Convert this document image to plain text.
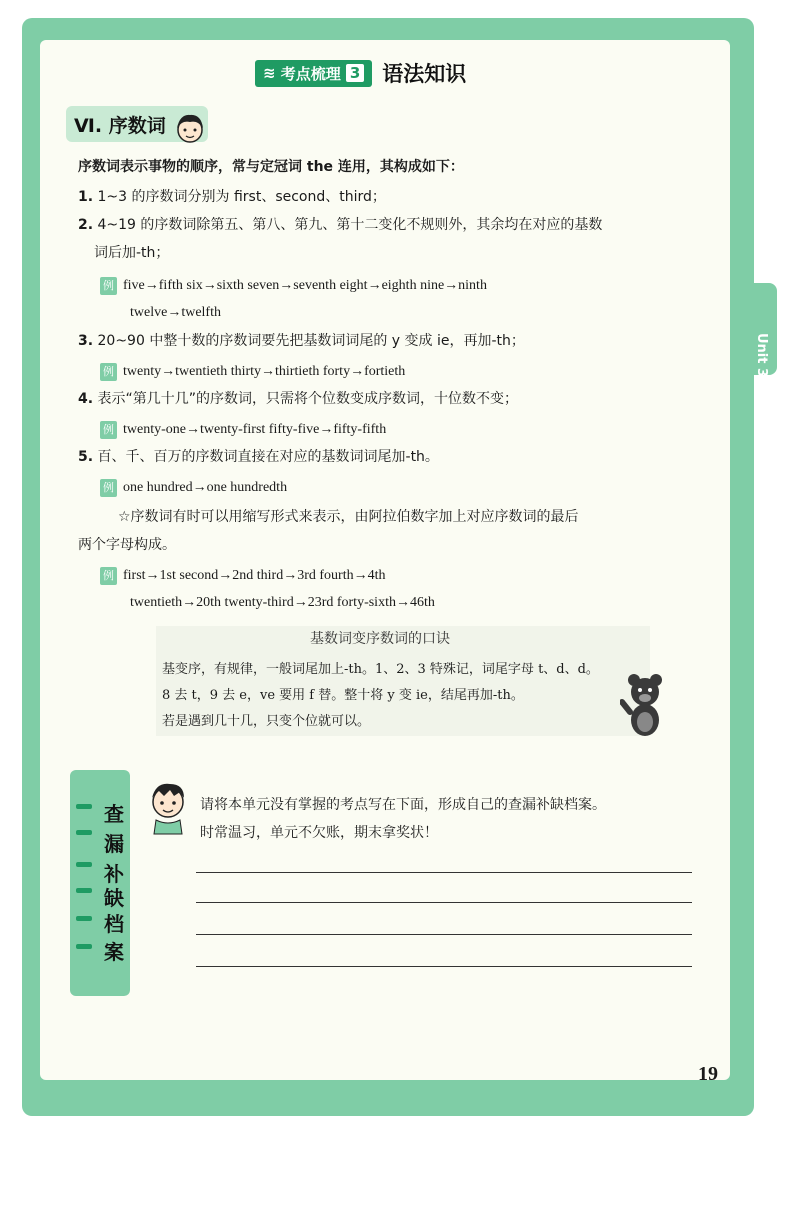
Unit 3
≋ 考点梳理 3 语法知识
Ⅵ. 序数词
序数词表示事物的顺序，常与定冠词 the 连用，其构成如下：
1. 1~3 的序数词分别为 first、second、third；
2. 4~19 的序数词除第五、第八、第九、第十二变化不规则外，其余均在对应的基数
词后加-th；
例 five→fifth six→sixth seven→seventh eight→eighth nine→ninth
twelve→twelfth
3. 20~90 中整十数的序数词要先把基数词词尾的 y 变成 ie，再加-th；
例 twenty→twentieth thirty→thirtieth forty→fortieth
4. 表示“第几十几”的序数词，只需将个位数变成序数词，十位数不变；
例 twenty-one→twenty-first fifty-five→fifty-fifth
5. 百、千、百万的序数词直接在对应的基数词词尾加-th。
例 one hundred→one hundredth
☆序数词有时可以用缩写形式来表示，由阿拉伯数字加上对应序数词的最后
两个字母构成。
例 first→1st second→2nd third→3rd fourth→4th
twentieth→20th twenty-third→23rd forty-sixth→46th
基数词变序数词的口诀
基变序，有规律，一般词尾加上-th。1、2、3 特殊记，词尾字母 t、d、d。
8 去 t，9 去 e，ve 要用 f 替。整十将 y 变 ie，结尾再加-th。
若是遇到几十几，只变个位就可以。
查
漏
补
缺
档
案
请将本单元没有掌握的考点写在下面，形成自己的查漏补缺档案。
时常温习，单元不欠账，期末拿奖状！
19
